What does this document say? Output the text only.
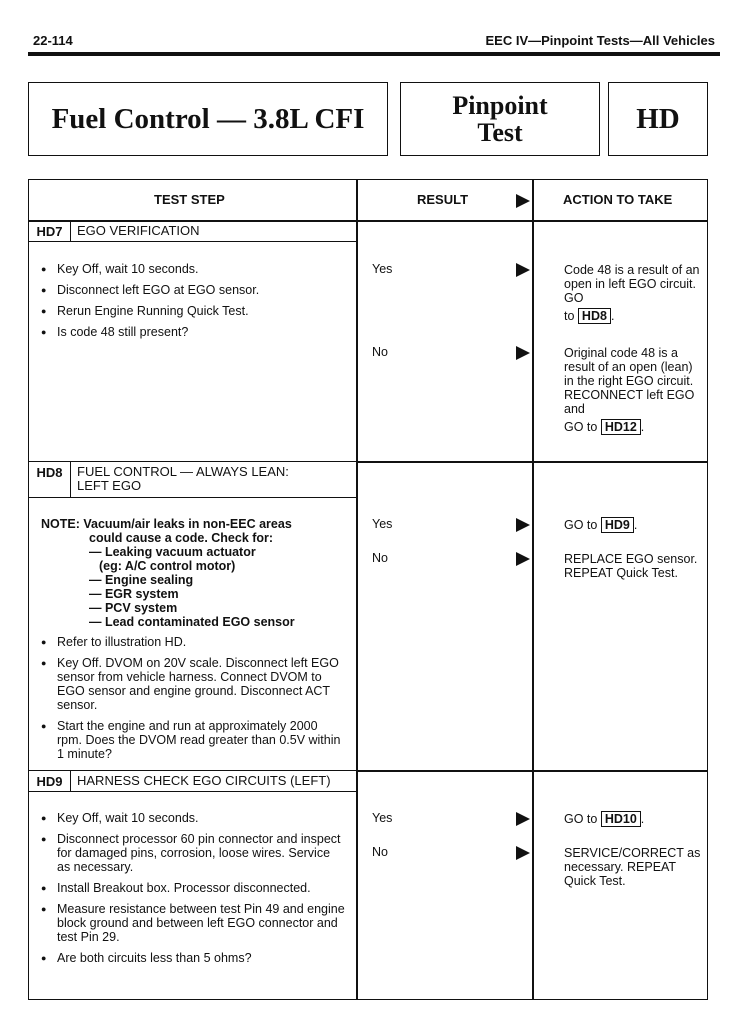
22-114	EEC IV—Pinpoint Tests—All Vehicles
Fuel Control — 3.8L CFI	Pinpoint
Test	HD
TEST STEP	RESULT	ACTION TO TAKE
HD7	EGO VERIFICATION
● Key Off, wait 10 seconds.
● Disconnect left EGO at EGO sensor.
● Rerun Engine Running Quick Test.
● Is code 48 still present?
Yes	Code 48 is a result of an open in left EGO circuit. GO
to HD8 .
No	Original code 48 is a result of an open (lean) in the right EGO circuit. RECONNECT left EGO and
GO to HD12 .
HD8	FUEL CONTROL — ALWAYS LEAN:
LEFT EGO
NOTE: Vacuum/air leaks in non-EEC areas
could cause a code. Check for:
— Leaking vacuum actuator
(eg: A/C control motor)
— Engine sealing
— EGR system
— PCV system
— Lead contaminated EGO sensor
● Refer to illustration HD.
● Key Off. DVOM on 20V scale. Disconnect left EGO sensor from vehicle harness. Connect DVOM to EGO sensor and engine ground. Disconnect ACT sensor.
● Start the engine and run at approximately 2000 rpm. Does the DVOM read greater than 0.5V within 1 minute?
Yes	GO to HD9 .
No	REPLACE EGO sensor. REPEAT Quick Test.
HD9	HARNESS CHECK EGO CIRCUITS (LEFT)
● Key Off, wait 10 seconds.
● Disconnect processor 60 pin connector and inspect for damaged pins, corrosion, loose wires. Service as necessary.
● Install Breakout box. Processor disconnected.
● Measure resistance between test Pin 49 and engine block ground and between left EGO connector and test Pin 29.
● Are both circuits less than 5 ohms?
Yes	GO to HD10 .
No	SERVICE/CORRECT as necessary. REPEAT Quick Test.
